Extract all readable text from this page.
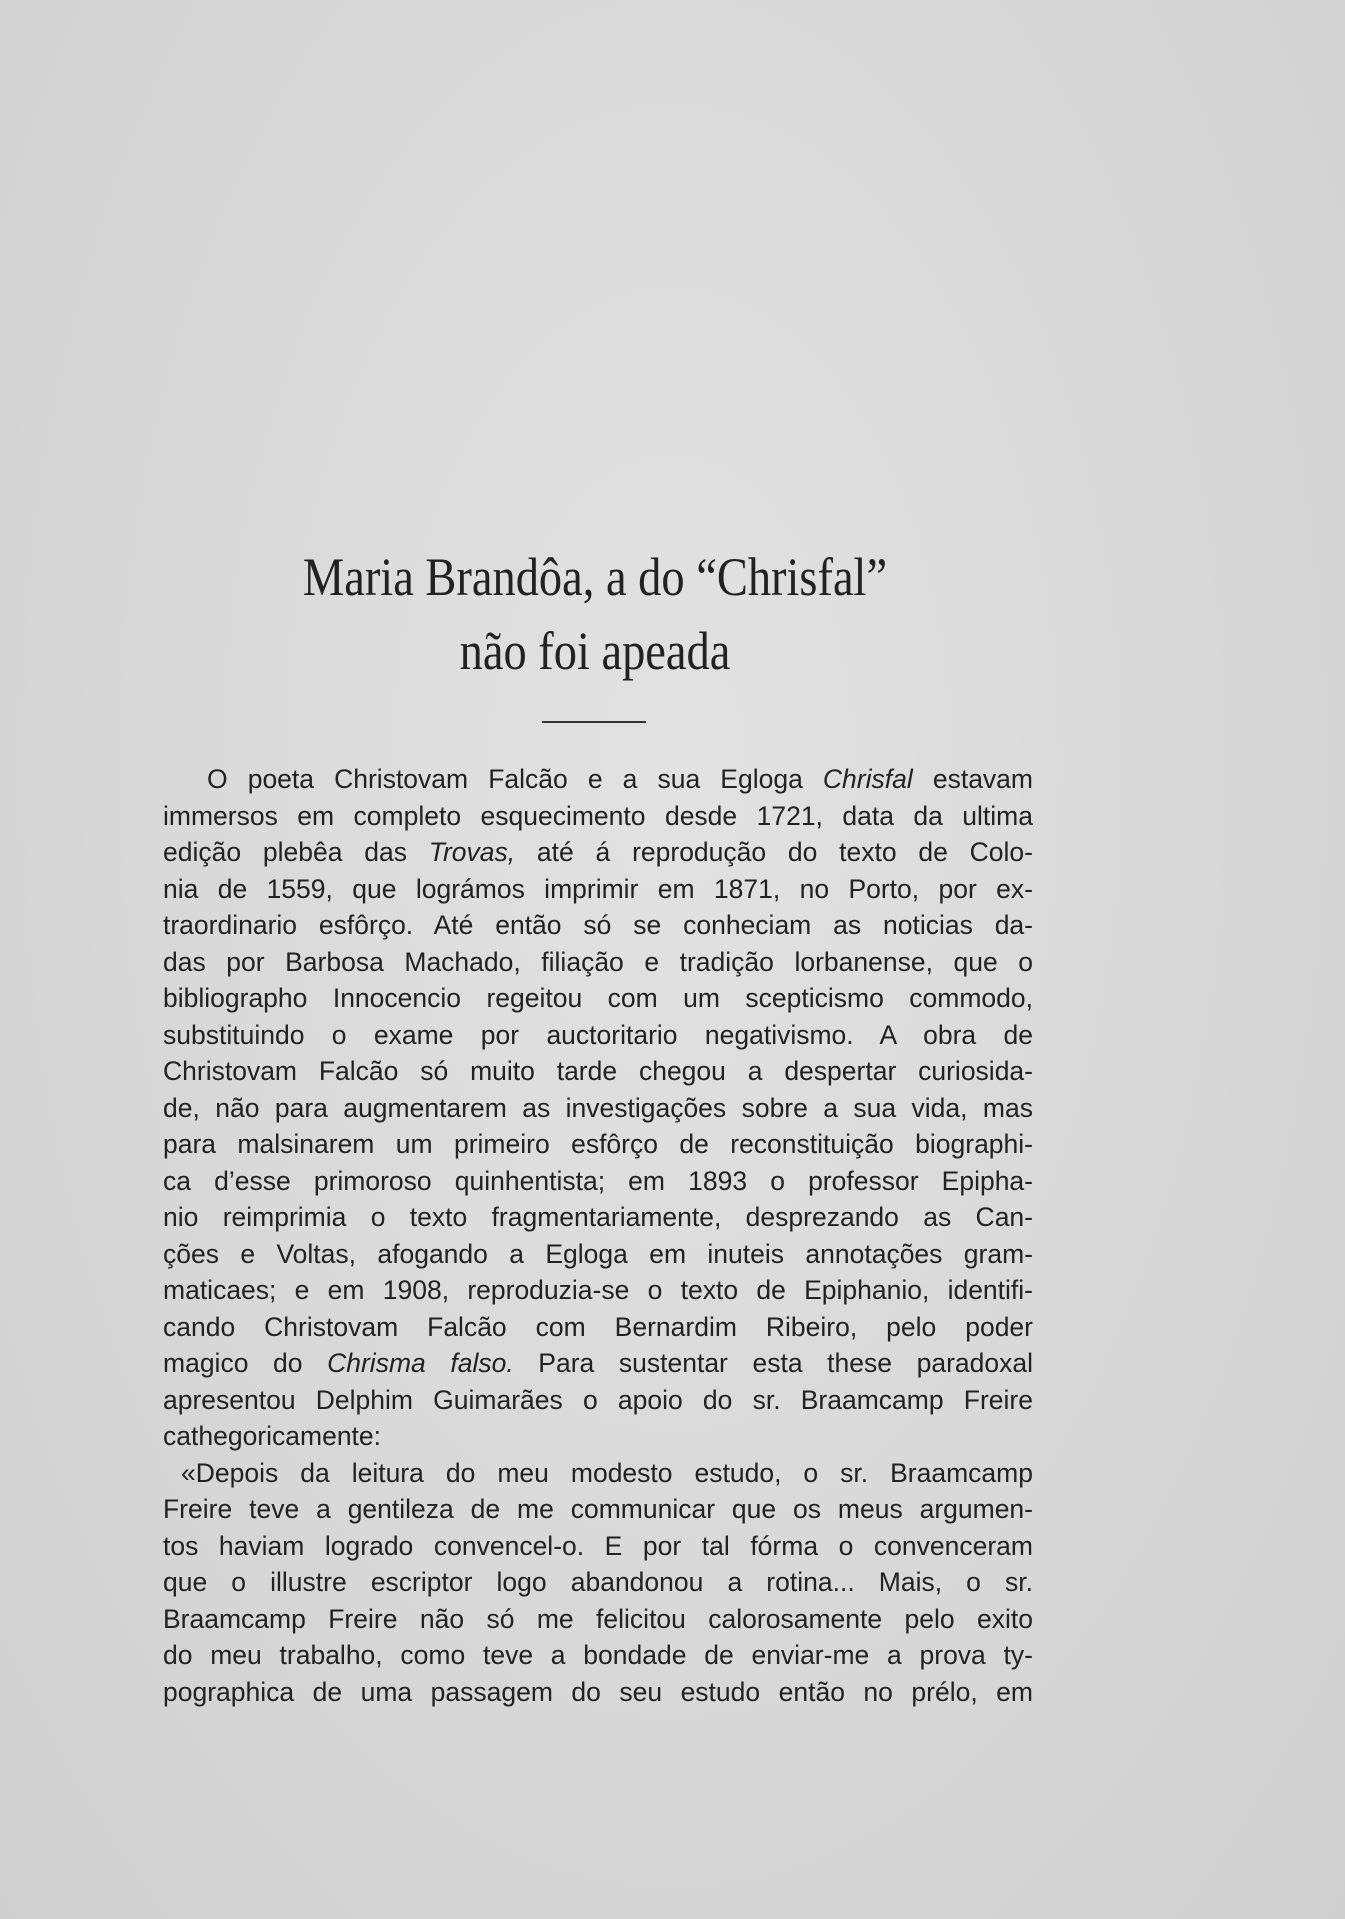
Maria Brandôa, a do “Chrisfal”
não foi apeada
O poeta Christovam Falcão e a sua Egloga Chrisfal estavam
immersos em completo esquecimento desde 1721, data da ultima
edição plebêa das Trovas, até á reprodução do texto de Colo-
nia de 1559, que lográmos imprimir em 1871, no Porto, por ex-
traordinario esfôrço. Até então só se conheciam as noticias da-
das por Barbosa Machado, filiação e tradição lorbanense, que o
bibliographo Innocencio regeitou com um scepticismo commodo,
substituindo o exame por auctoritario negativismo. A obra de
Christovam Falcão só muito tarde chegou a despertar curiosida-
de, não para augmentarem as investigações sobre a sua vida, mas
para malsinarem um primeiro esfôrço de reconstituição biographi-
ca d’esse primoroso quinhentista; em 1893 o professor Epipha-
nio reimprimia o texto fragmentariamente, desprezando as Can-
ções e Voltas, afogando a Egloga em inuteis annotações gram-
maticaes; e em 1908, reproduzia-se o texto de Epiphanio, identifi-
cando Christovam Falcão com Bernardim Ribeiro, pelo poder
magico do Chrisma falso. Para sustentar esta these paradoxal
apresentou Delphim Guimarães o apoio do sr. Braamcamp Freire
cathegoricamente:
«Depois da leitura do meu modesto estudo, o sr. Braamcamp
Freire teve a gentileza de me communicar que os meus argumen-
tos haviam logrado convencel-o. E por tal fórma o convenceram
que o illustre escriptor logo abandonou a rotina... Mais, o sr.
Braamcamp Freire não só me felicitou calorosamente pelo exito
do meu trabalho, como teve a bondade de enviar-me a prova ty-
pographica de uma passagem do seu estudo então no prélo, em
